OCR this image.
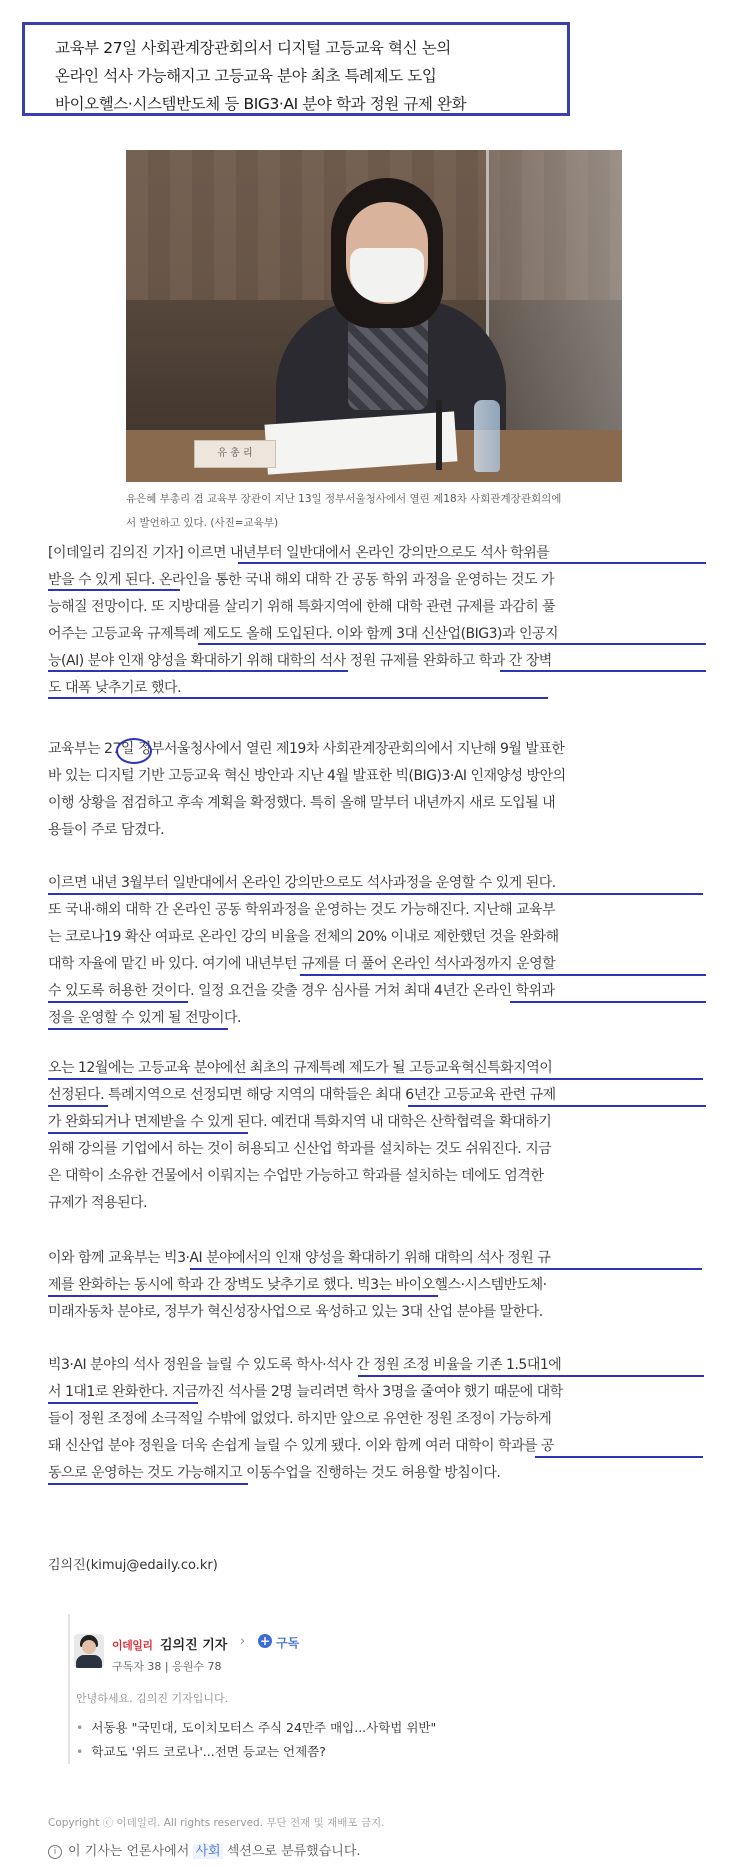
교육부 27일 사회관계장관회의서 디지털 고등교육 혁신 논의
온라인 석사 가능해지고 고등교육 분야 최초 특례제도 도입
바이오헬스·시스템반도체 등 BIG3·AI 분야 학과 정원 규제 완화
유 총 리
유은혜 부총리 겸 교육부 장관이 지난 13일 정부서울청사에서 열린 제18차 사회관계장관회의에
서 발언하고 있다. (사진=교육부)
[이데일리 김의진 기자] 이르면 내년부터 일반대에서 온라인 강의만으로도 석사 학위를
받을 수 있게 된다. 온라인을 통한 국내 해외 대학 간 공동 학위 과정을 운영하는 것도 가
능해질 전망이다. 또 지방대를 살리기 위해 특화지역에 한해 대학 관련 규제를 과감히 풀
어주는 고등교육 규제특례 제도도 올해 도입된다. 이와 함께 3대 신산업(BIG3)과 인공지
능(AI) 분야 인재 양성을 확대하기 위해 대학의 석사 정원 규제를 완화하고 학과 간 장벽
도 대폭 낮추기로 했다.
교육부는 27일 정부서울청사에서 열린 제19차 사회관계장관회의에서 지난해 9월 발표한
바 있는 디지털 기반 고등교육 혁신 방안과 지난 4월 발표한 빅(BIG)3·AI 인재양성 방안의
이행 상황을 점검하고 후속 계획을 확정했다. 특히 올해 말부터 내년까지 새로 도입될 내
용들이 주로 담겼다.
이르면 내년 3월부터 일반대에서 온라인 강의만으로도 석사과정을 운영할 수 있게 된다.
또 국내·해외 대학 간 온라인 공동 학위과정을 운영하는 것도 가능해진다. 지난해 교육부
는 코로나19 확산 여파로 온라인 강의 비율을 전체의 20% 이내로 제한했던 것을 완화해
대학 자율에 맡긴 바 있다. 여기에 내년부턴 규제를 더 풀어 온라인 석사과정까지 운영할
수 있도록 허용한 것이다. 일정 요건을 갖출 경우 심사를 거쳐 최대 4년간 온라인 학위과
정을 운영할 수 있게 될 전망이다.
오는 12월에는 고등교육 분야에선 최초의 규제특례 제도가 될 고등교육혁신특화지역이
선정된다. 특례지역으로 선정되면 해당 지역의 대학들은 최대 6년간 고등교육 관련 규제
가 완화되거나 면제받을 수 있게 된다. 예컨대 특화지역 내 대학은 산학협력을 확대하기
위해 강의를 기업에서 하는 것이 허용되고 신산업 학과를 설치하는 것도 쉬워진다. 지금
은 대학이 소유한 건물에서 이뤄지는 수업만 가능하고 학과를 설치하는 데에도 엄격한
규제가 적용된다.
이와 함께 교육부는 빅3·AI 분야에서의 인재 양성을 확대하기 위해 대학의 석사 정원 규
제를 완화하는 동시에 학과 간 장벽도 낮추기로 했다. 빅3는 바이오헬스·시스템반도체·
미래자동차 분야로, 정부가 혁신성장사업으로 육성하고 있는 3대 산업 분야를 말한다.
빅3·AI 분야의 석사 정원을 늘릴 수 있도록 학사·석사 간 정원 조정 비율을 기존 1.5대1에
서 1대1로 완화한다. 지금까진 석사를 2명 늘리려면 학사 3명을 줄여야 했기 때문에 대학
들이 정원 조정에 소극적일 수밖에 없었다. 하지만 앞으로 유연한 정원 조정이 가능하게
돼 신산업 분야 정원을 더욱 손쉽게 늘릴 수 있게 됐다. 이와 함께 여러 대학이 학과를 공
동으로 운영하는 것도 가능해지고 이동수업을 진행하는 것도 허용할 방침이다.
김의진(kimuj@edaily.co.kr)
이데일리 김의진 기자 › + 구독
구독자 38 | 응원수 78
안녕하세요. 김의진 기자입니다.
• 서동용 "국민대, 도이치모터스 주식 24만주 매입...사학법 위반"
• 학교도 '위드 코로나'...전면 등교는 언제쯤?
Copyright ⓒ 이데일리. All rights reserved. 무단 전재 및 재배포 금지.
i 이 기사는 언론사에서 사회 섹션으로 분류했습니다.
